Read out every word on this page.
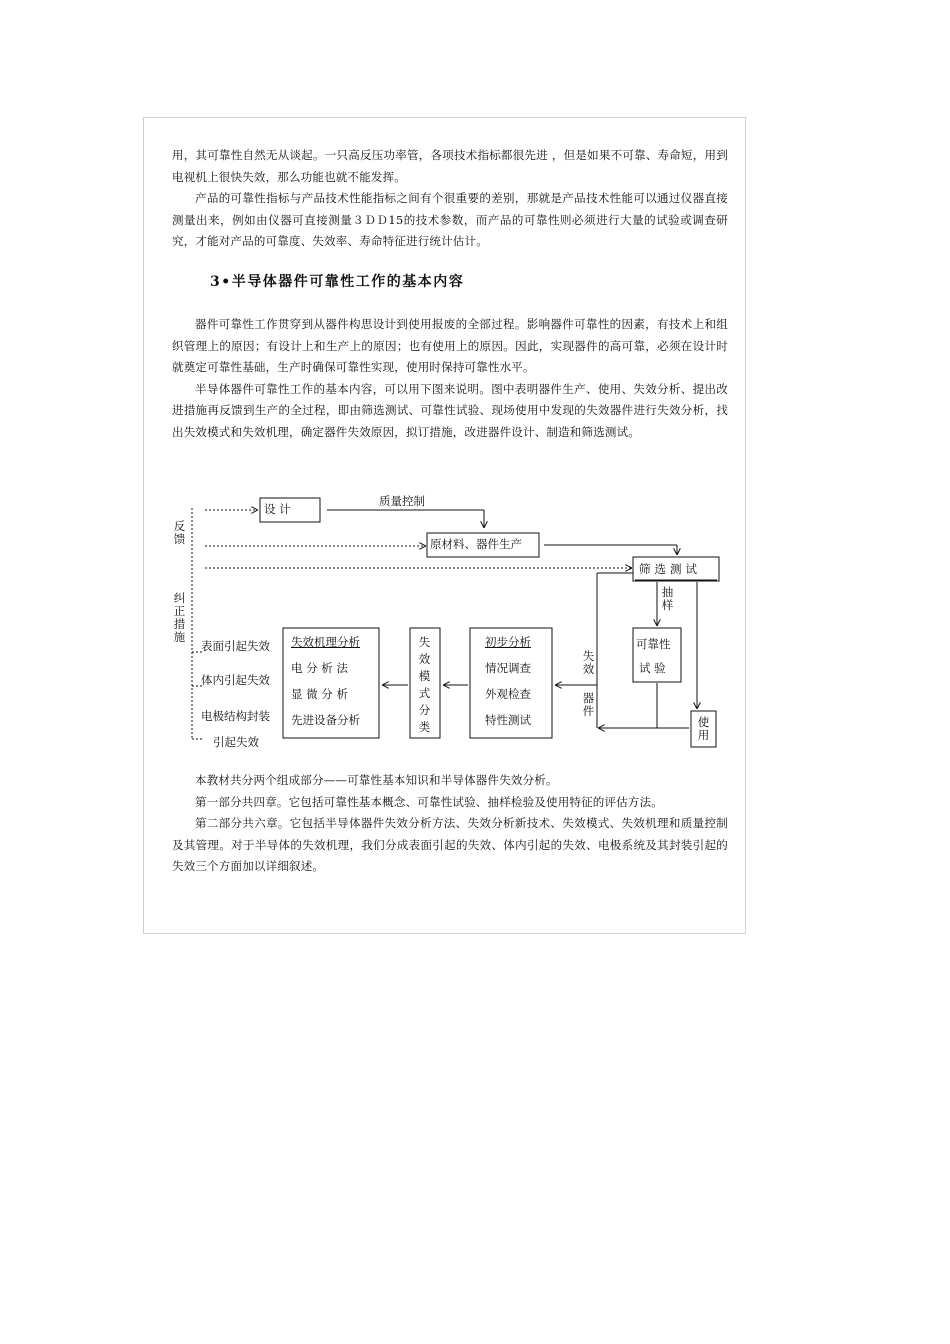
用，其可靠性自然无从谈起。一只高反压功率管，各项技术指标都很先进 ，但是如果不可靠、寿命短，用到电视机上很快失效，那么功能也就不能发挥。

产品的可靠性指标与产品技术性能指标之间有个很重要的差别，那就是产品技术性能可以通过仪器直接测量出来，例如由仪器可直接测量３ＤＤ15的技术参数，而产品的可靠性则必须进行大量的试验或调查研究，才能对产品的可靠度、失效率、寿命特征进行统计估计。

3•半导体器件可靠性工作的基本内容

器件可靠性工作贯穿到从器件构思设计到使用报废的全部过程。影响器件可靠性的因素，有技术上和组织管理上的原因；有设计上和生产上的原因；也有使用上的原因。因此，实现器件的高可靠，必须在设计时就奠定可靠性基础，生产时确保可靠性实现，使用时保持可靠性水平。

半导体器件可靠性工作的基本内容，可以用下图来说明。图中表明器件生产、使用、失效分析、提出改进措施再反馈到生产的全过程，即由筛选测试、可靠性试验、现场使用中发现的失效器件进行失效分析，找出失效模式和失效机理，确定器件失效原因，拟订措施，改进器件设计、制造和筛选测试。

反馈
纠正措施
设 计
质量控制
原材料、器件生产
筛选测试
抽样
可靠性
试 验
使用
失效
器件
初步分析
情况调查
外观检查
特性测试
失效模式分类
失效机理分析
电 分 析 法
显 微 分 析
先进设备分析
表面引起失效
体内引起失效
电极结构封装
引起失效

本教材共分两个组成部分——可靠性基本知识和半导体器件失效分析。

第一部分共四章。它包括可靠性基本概念、可靠性试验、抽样检验及使用特征的评估方法。

第二部分共六章。它包括半导体器件失效分析方法、失效分析新技术、失效模式、失效机理和质量控制及其管理。对于半导体的失效机理，我们分成表面引起的失效、体内引起的失效、电极系统及其封装引起的失效三个方面加以详细叙述。
